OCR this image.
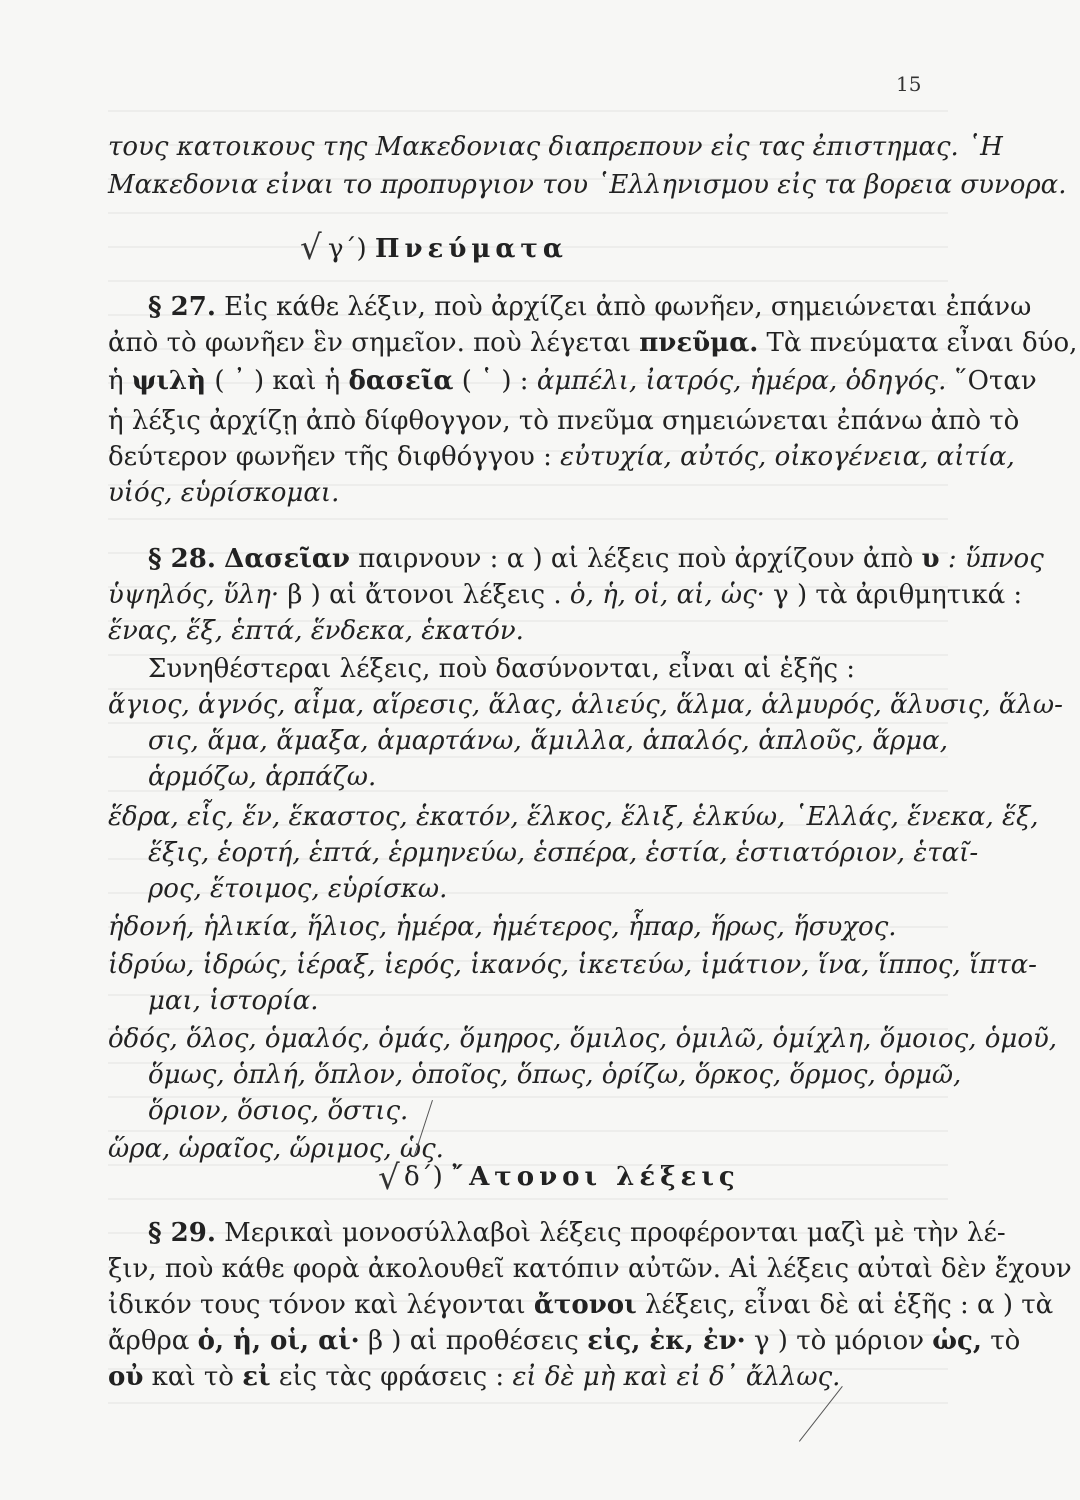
15
τους κατοικους της Μακεδονιας διαπρεπουν εἰς τας ἐπιστημας. ῾Η
Μακεδονια εἰναι το προπυργιον του ῾Ελληνισμου εἰς τα βορεια συνορα.
√ γ΄) Πνεύματα
§ 27. Εἰς κάθε λέξιν, ποὺ ἀρχίζει ἀπὸ φωνῆεν, σημειώνεται ἐπάνω
ἀπὸ τὸ φωνῆεν ἓν σημεῖον. ποὺ λέγεται πνεῦμα. Τὰ πνεύματα εἶναι δύο,
ἡ ψιλὴ ( ᾿ ) καὶ ἡ δασεῖα ( ῾ ) : ἀμπέλι, ἰατρός, ἡμέρα, ὁδηγός. ῞Οταν
ἡ λέξις ἀρχίζῃ ἀπὸ δίφθογγον, τὸ πνεῦμα σημειώνεται ἐπάνω ἀπὸ τὸ
δεύτερον φωνῆεν τῆς διφθόγγου : εὐτυχία, αὐτός, οἰκογένεια, αἰτία,
υἱός, εὑρίσκομαι.
§ 28. Δασεῖαν παιρνουν : α ) αἱ λέξεις ποὺ ἀρχίζουν ἀπὸ υ : ὕπνος
ὑψηλός, ὕλη· β ) αἱ ἄτονοι λέξεις . ὁ, ἡ, οἱ, αἱ, ὡς· γ ) τὰ ἀριθμητικά :
ἕνας, ἕξ, ἑπτά, ἕνδεκα, ἑκατόν.
Συνηθέστεραι λέξεις, ποὺ δασύνονται, εἶναι αἱ ἑξῆς :
ἅγιος, ἁγνός, αἷμα, αἵρεσις, ἅλας, ἁλιεύς, ἅλμα, ἁλμυρός, ἅλυσις, ἅλω-
σις, ἅμα, ἅμαξα, ἁμαρτάνω, ἅμιλλα, ἁπαλός, ἁπλοῦς, ἅρμα,
ἁρμόζω, ἁρπάζω.
ἕδρα, εἷς, ἕν, ἕκαστος, ἑκατόν, ἕλκος, ἕλιξ, ἑλκύω, ῾Ελλάς, ἕνεκα, ἕξ,
ἕξις, ἑορτή, ἑπτά, ἑρμηνεύω, ἑσπέρα, ἑστία, ἑστιατόριον, ἑταῖ-
ρος, ἕτοιμος, εὑρίσκω.
ἡδονή, ἡλικία, ἥλιος, ἡμέρα, ἡμέτερος, ἧπαρ, ἥρως, ἥσυχος.
ἱδρύω, ἱδρώς, ἱέραξ, ἱερός, ἱκανός, ἱκετεύω, ἱμάτιον, ἵνα, ἵππος, ἵπτα-
μαι, ἱστορία.
ὁδός, ὅλος, ὁμαλός, ὁμάς, ὅμηρος, ὅμιλος, ὁμιλῶ, ὁμίχλη, ὅμοιος, ὁμοῦ,
ὅμως, ὁπλή, ὅπλον, ὁποῖος, ὅπως, ὁρίζω, ὅρκος, ὅρμος, ὁρμῶ,
ὅριον, ὅσιος, ὅστις.
ὥρα, ὡραῖος, ὥριμος, ὡς.
√ δ΄) ῎Ατονοι λέξεις
§ 29. Μερικαὶ μονοσύλλαβοὶ λέξεις προφέρονται μαζὶ μὲ τὴν λέ-
ξιν, ποὺ κάθε φορὰ ἀκολουθεῖ κατόπιν αὐτῶν. Αἱ λέξεις αὐταὶ δὲν ἔχουν
ἰδικόν τους τόνον καὶ λέγονται ἄτονοι λέξεις, εἶναι δὲ αἱ ἑξῆς : α ) τὰ
ἄρθρα ὁ, ἡ, οἱ, αἱ· β ) αἱ προθέσεις εἰς, ἐκ, ἐν· γ ) τὸ μόριον ὡς, τὸ
οὐ καὶ τὸ εἰ εἰς τὰς φράσεις : εἰ δὲ μὴ καὶ εἰ δ᾿ ἄλλως.
